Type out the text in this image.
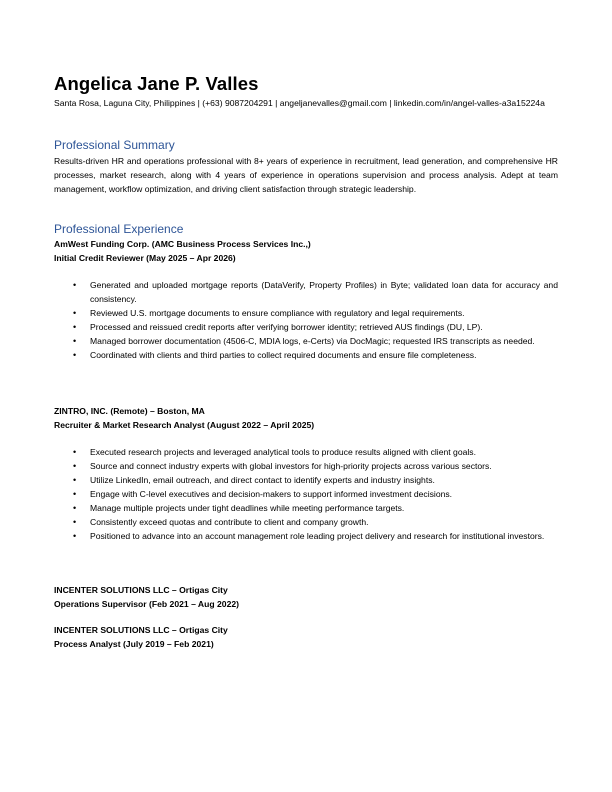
Angelica Jane P. Valles
Santa Rosa, Laguna City, Philippines | (+63) 9087204291 | angeljanevalles@gmail.com | linkedin.com/in/angel-valles-a3a15224a
Professional Summary

Results-driven HR and operations professional with 8+ years of experience in recruitment, lead generation, and comprehensive HR processes, market research, along with 4 years of experience in operations supervision and process analysis. Adept at team management, workflow optimization, and driving client satisfaction through strategic leadership.

Professional Experience
AmWest Funding Corp. (AMC Business Process Services Inc.,)
Initial Credit Reviewer (May 2025 – Apr 2026)
• Generated and uploaded mortgage reports (DataVerify, Property Profiles) in Byte; validated loan data for accuracy and consistency.
• Reviewed U.S. mortgage documents to ensure compliance with regulatory and legal requirements.
• Processed and reissued credit reports after verifying borrower identity; retrieved AUS findings (DU, LP).
• Managed borrower documentation (4506-C, MDIA logs, e-Certs) via DocMagic; requested IRS transcripts as needed.
• Coordinated with clients and third parties to collect required documents and ensure file completeness.
ZINTRO, INC. (Remote) – Boston, MA
Recruiter & Market Research Analyst (August 2022 – April 2025)
• Executed research projects and leveraged analytical tools to produce results aligned with client goals.
• Source and connect industry experts with global investors for high-priority projects across various sectors.
• Utilize LinkedIn, email outreach, and direct contact to identify experts and industry insights.
• Engage with C-level executives and decision-makers to support informed investment decisions.
• Manage multiple projects under tight deadlines while meeting performance targets.
• Consistently exceed quotas and contribute to client and company growth.
• Positioned to advance into an account management role leading project delivery and research for institutional investors.
INCENTER SOLUTIONS LLC – Ortigas City
Operations Supervisor (Feb 2021 – Aug 2022)
INCENTER SOLUTIONS LLC – Ortigas City
Process Analyst (July 2019 – Feb 2021)
